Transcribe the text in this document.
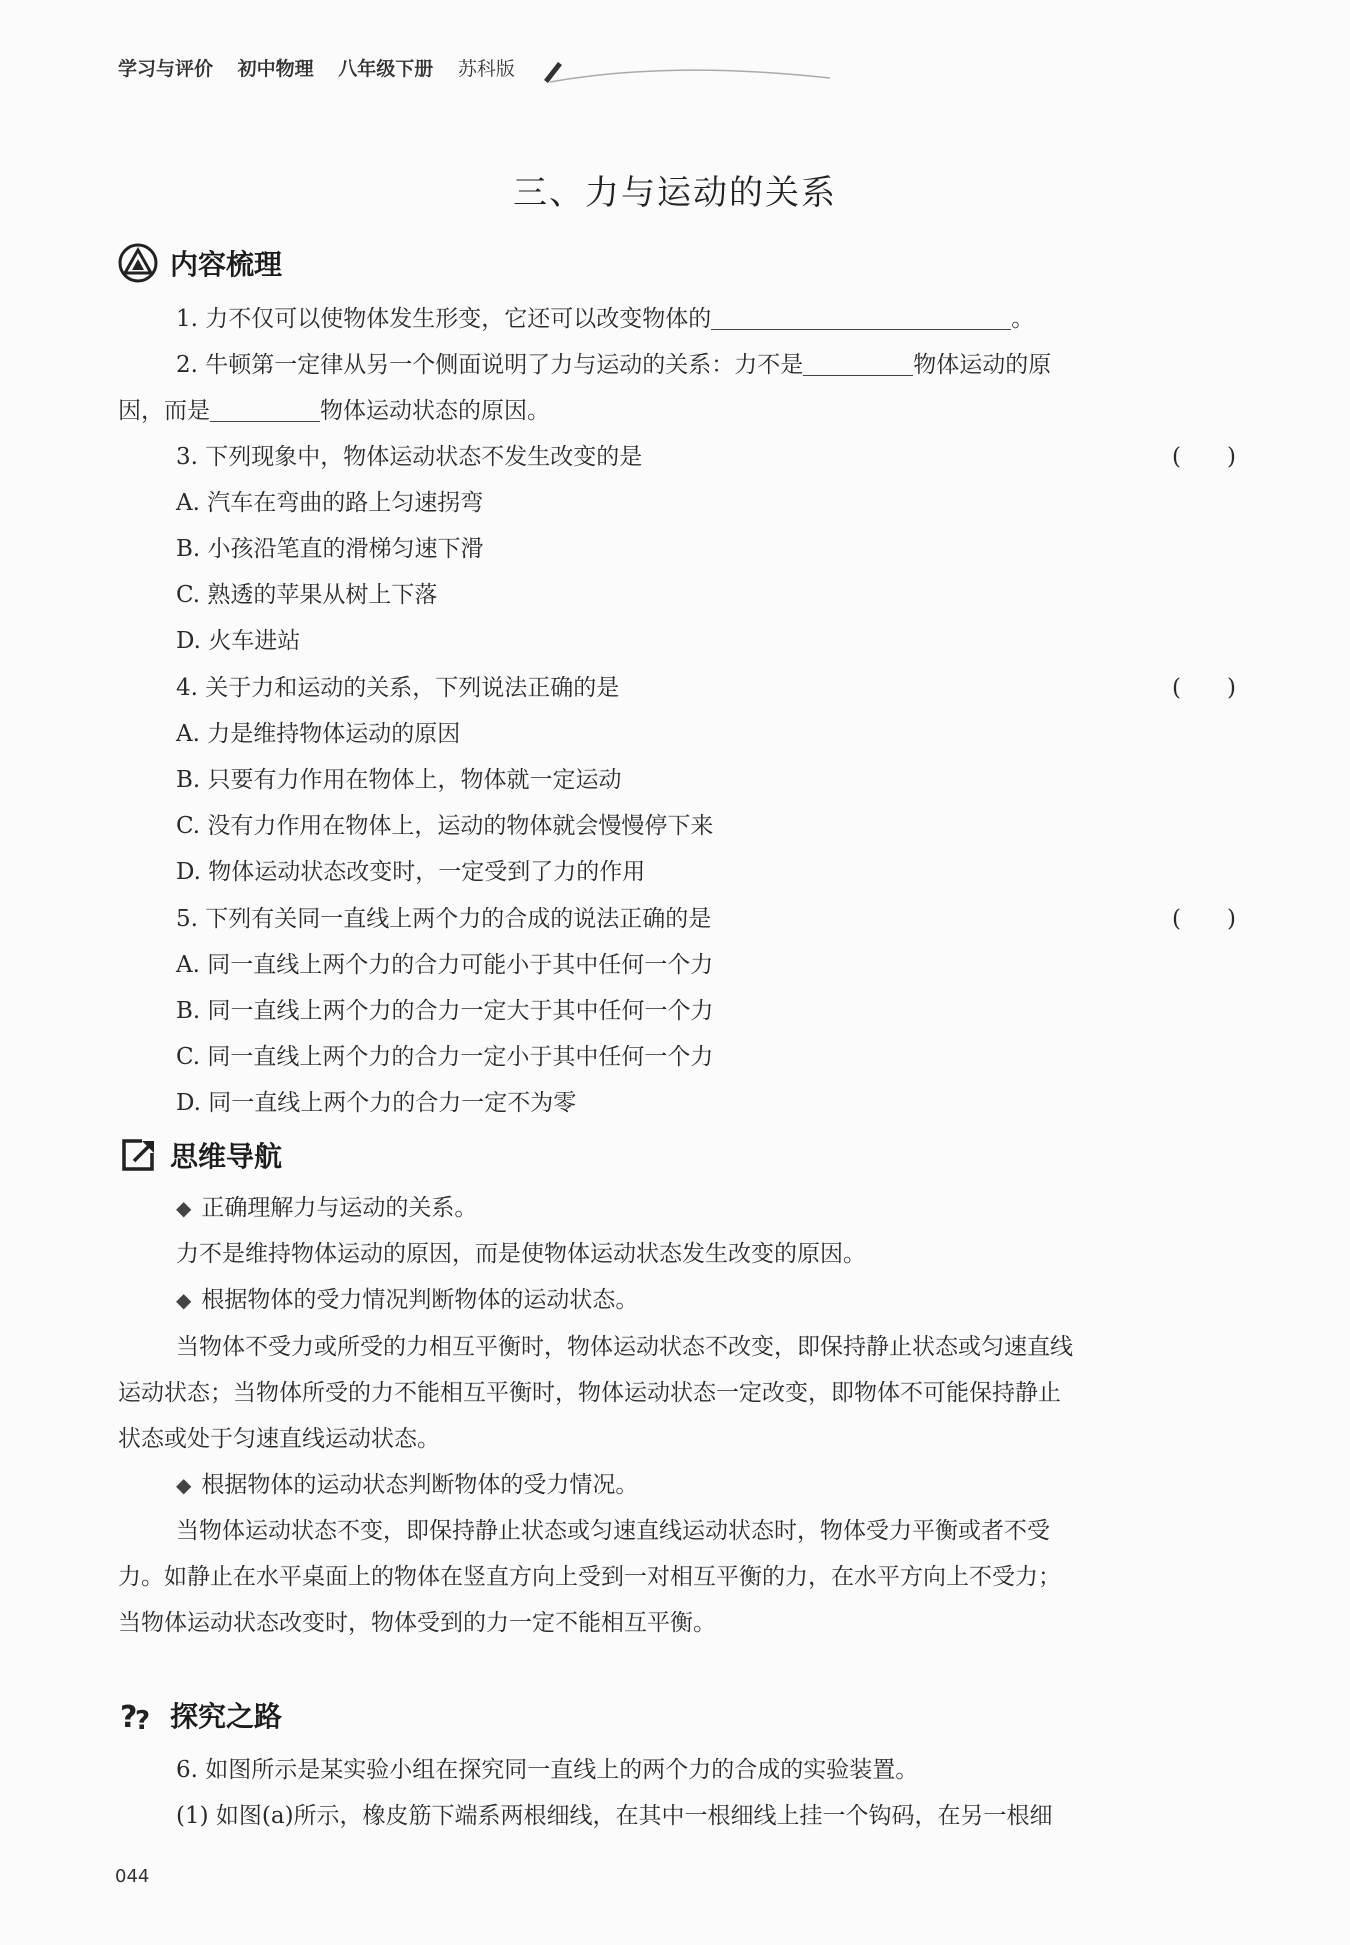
学习与评价 初中物理 八年级下册 苏科版
三、力与运动的关系
内容梳理
1. 力不仅可以使物体发生形变，它还可以改变物体的	。
2. 牛顿第一定律从另一个侧面说明了力与运动的关系：力不是	物体运动的原
因，而是	物体运动状态的原因。
3. 下列现象中，物体运动状态不发生改变的是	(　　)
A. 汽车在弯曲的路上匀速拐弯
B. 小孩沿笔直的滑梯匀速下滑
C. 熟透的苹果从树上下落
D. 火车进站
4. 关于力和运动的关系，下列说法正确的是	(　　)
A. 力是维持物体运动的原因
B. 只要有力作用在物体上，物体就一定运动
C. 没有力作用在物体上，运动的物体就会慢慢停下来
D. 物体运动状态改变时，一定受到了力的作用
5. 下列有关同一直线上两个力的合成的说法正确的是	(　　)
A. 同一直线上两个力的合力可能小于其中任何一个力
B. 同一直线上两个力的合力一定大于其中任何一个力
C. 同一直线上两个力的合力一定小于其中任何一个力
D. 同一直线上两个力的合力一定不为零
思维导航
◆ 正确理解力与运动的关系。
力不是维持物体运动的原因，而是使物体运动状态发生改变的原因。
◆ 根据物体的受力情况判断物体的运动状态。
当物体不受力或所受的力相互平衡时，物体运动状态不改变，即保持静止状态或匀速直线
运动状态；当物体所受的力不能相互平衡时，物体运动状态一定改变，即物体不可能保持静止
状态或处于匀速直线运动状态。
◆ 根据物体的运动状态判断物体的受力情况。
当物体运动状态不变，即保持静止状态或匀速直线运动状态时，物体受力平衡或者不受
力。如静止在水平桌面上的物体在竖直方向上受到一对相互平衡的力，在水平方向上不受力；
当物体运动状态改变时，物体受到的力一定不能相互平衡。
?
? 探究之路
6. 如图所示是某实验小组在探究同一直线上的两个力的合成的实验装置。
(1) 如图(a)所示，橡皮筋下端系两根细线，在其中一根细线上挂一个钩码，在另一根细
044
